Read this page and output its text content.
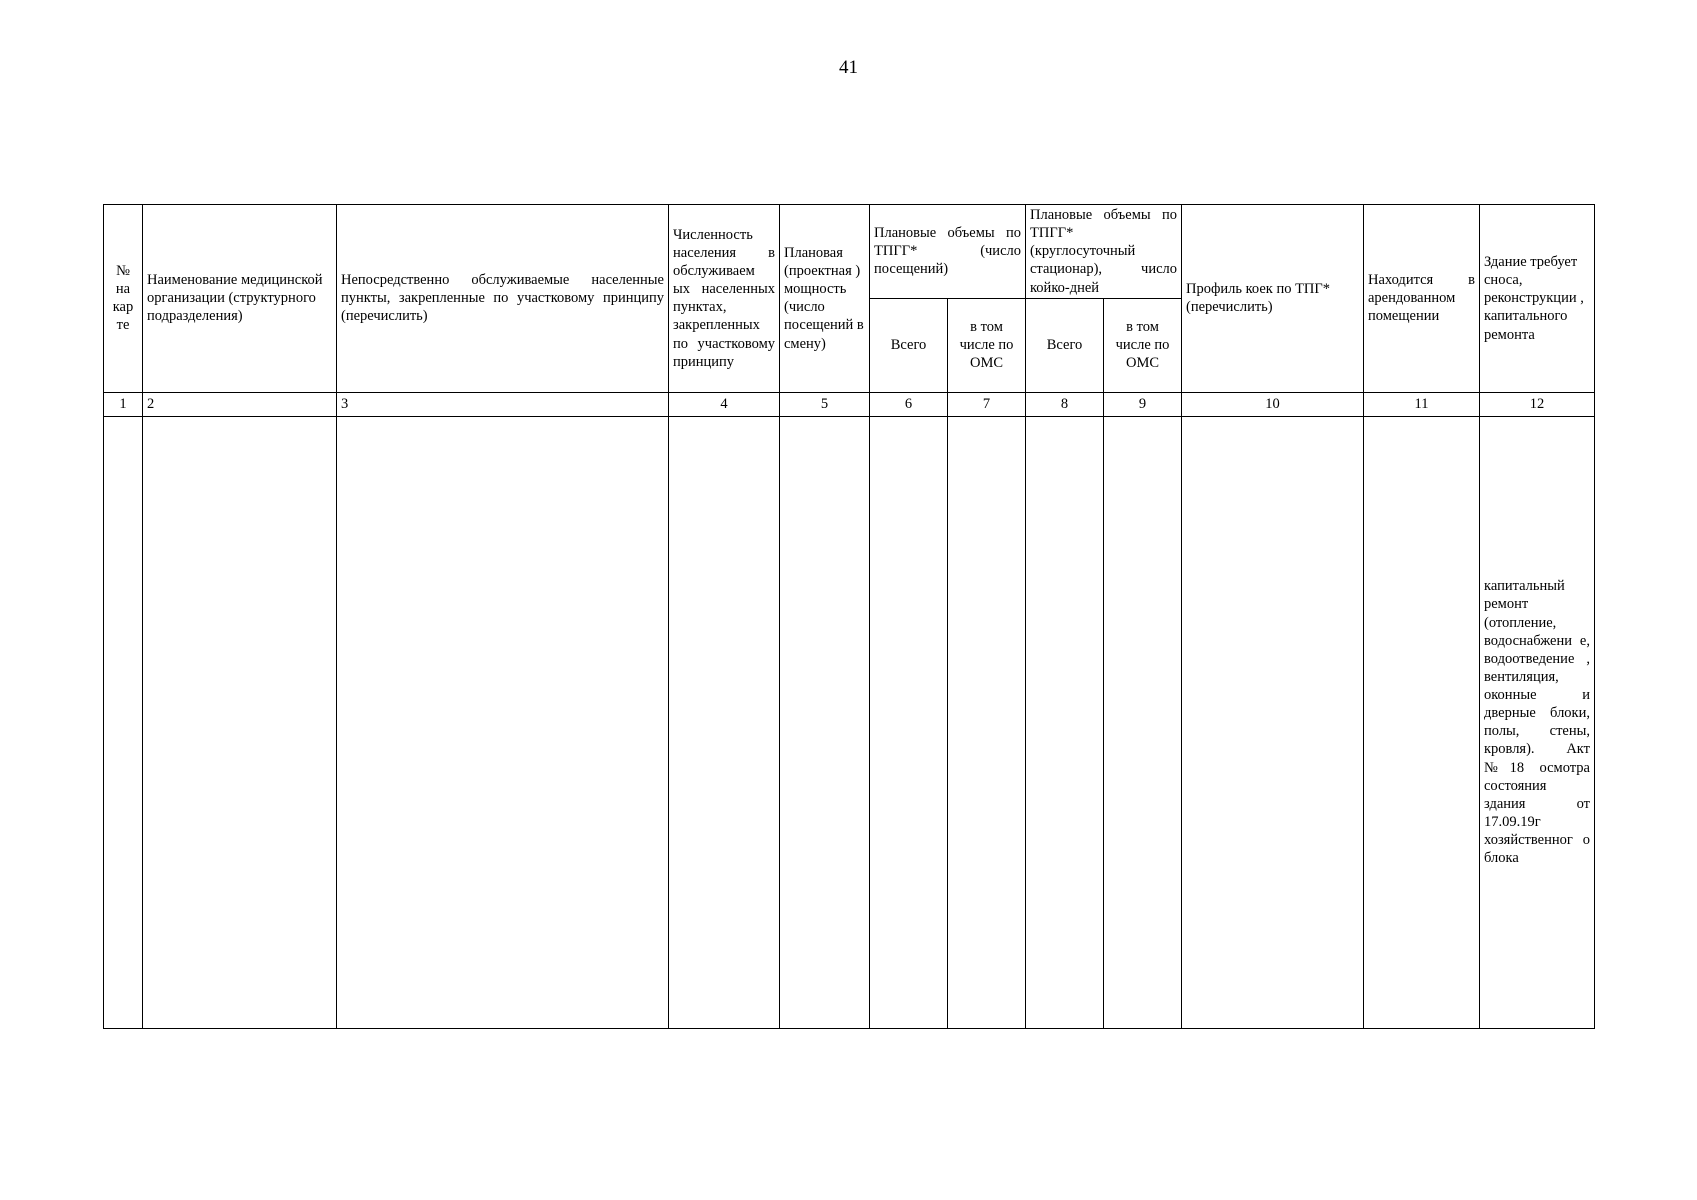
41
№ на кар те	Наименование медицинской организации (структурного подразделения)	Непосредственно обслуживаемые населенные пункты, закрепленные по участковому принципу (перечислить)	Численность населения в обслуживаем ых населенных пунктах, закрепленных по участковому принципу	Плановая (проектная ) мощность (число посещений в смену)	Плановые объемы по ТПГГ* (число посещений)		Плановые объемы по ТПГГ* (круглосуточный стационар), число койко-дней		Профиль коек по ТПГ* (перечислить)	Находится в арендованном помещении	Здание требует сноса, реконструкции , капитального ремонта
					Всего	в том числе по ОМС	Всего	в том числе по ОМС			
1	2	3	4	5	6	7	8	9	10	11	12
											капитальный ремонт (отопление, водоснабжени е, водоотведение , вентиляция, оконные и дверные блоки, полы, стены, кровля). Акт №18 осмотра состояния здания от 17.09.19г хозяйственног о блока
